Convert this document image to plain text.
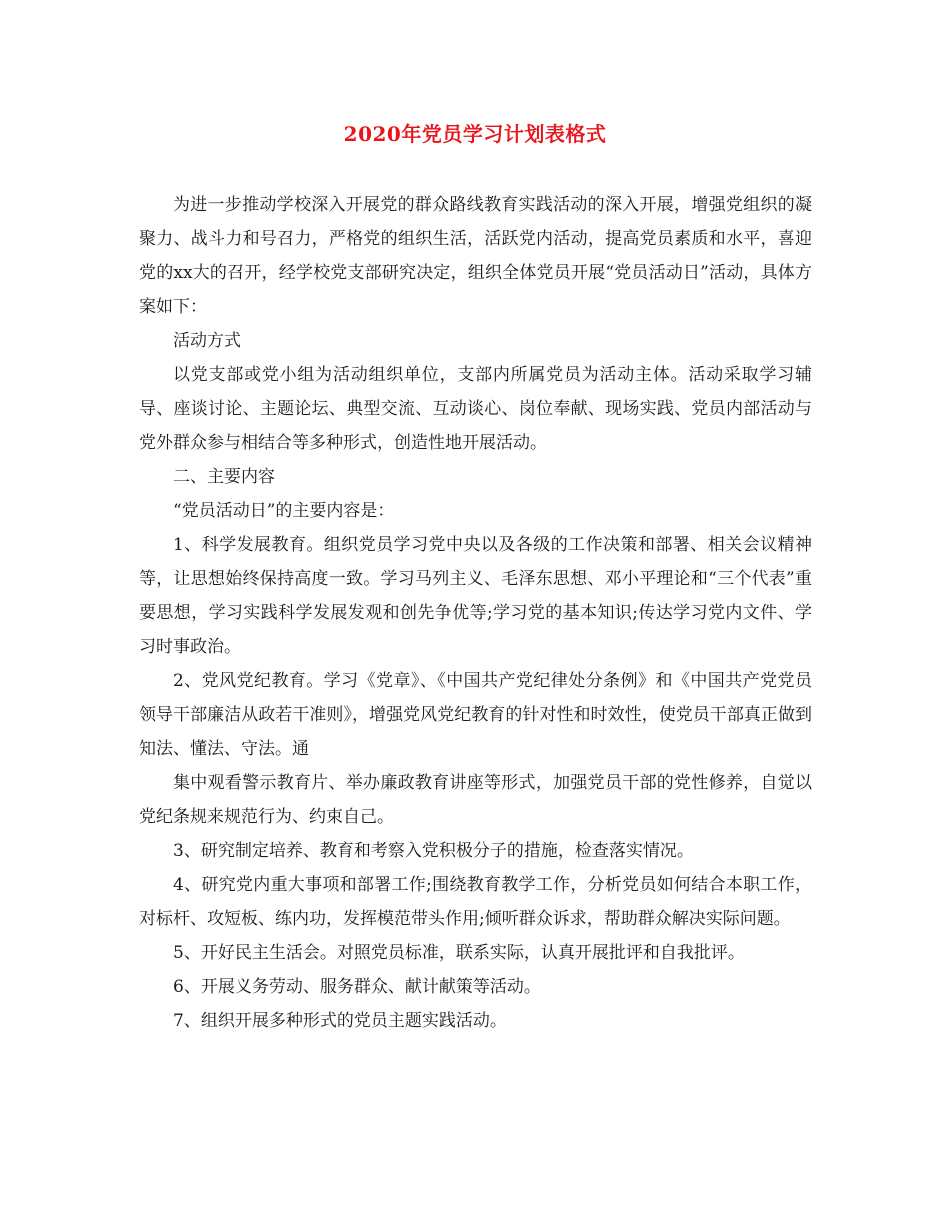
2020年党员学习计划表格式

为进一步推动学校深入开展党的群众路线教育实践活动的深入开展，增强党组织的凝聚力、战斗力和号召力，严格党的组织生活，活跃党内活动，提高党员素质和水平，喜迎党的xx大的召开，经学校党支部研究决定，组织全体党员开展“党员活动日”活动，具体方案如下：

活动方式

以党支部或党小组为活动组织单位，支部内所属党员为活动主体。活动采取学习辅导、座谈讨论、主题论坛、典型交流、互动谈心、岗位奉献、现场实践、党员内部活动与党外群众参与相结合等多种形式，创造性地开展活动。

二、主要内容

“党员活动日”的主要内容是：

1、科学发展教育。组织党员学习党中央以及各级的工作决策和部署、相关会议精神等，让思想始终保持高度一致。学习马列主义、毛泽东思想、邓小平理论和“三个代表”重要思想，学习实践科学发展发观和创先争优等;学习党的基本知识;传达学习党内文件、学习时事政治。

2、党风党纪教育。学习《党章》、《中国共产党纪律处分条例》和《中国共产党党员领导干部廉洁从政若干准则》，增强党风党纪教育的针对性和时效性，使党员干部真正做到知法、懂法、守法。通

集中观看警示教育片、举办廉政教育讲座等形式，加强党员干部的党性修养，自觉以党纪条规来规范行为、约束自己。

3、研究制定培养、教育和考察入党积极分子的措施，检查落实情况。

4、研究党内重大事项和部署工作;围绕教育教学工作，分析党员如何结合本职工作，对标杆、攻短板、练内功，发挥模范带头作用;倾听群众诉求，帮助群众解决实际问题。

5、开好民主生活会。对照党员标准，联系实际，认真开展批评和自我批评。

6、开展义务劳动、服务群众、献计献策等活动。

7、组织开展多种形式的党员主题实践活动。
